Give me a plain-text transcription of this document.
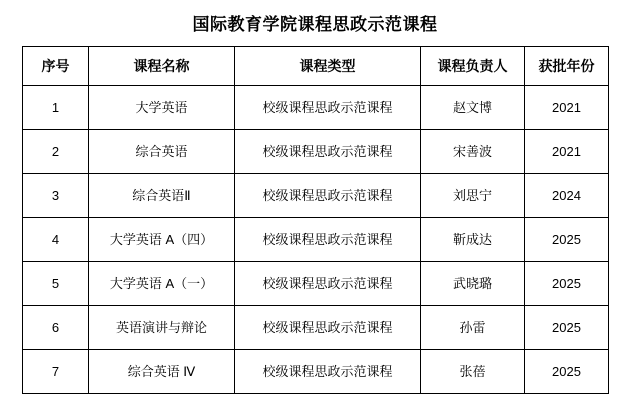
国际教育学院课程思政示范课程
序号	课程名称	课程类型	课程负责人	获批年份
1	大学英语	校级课程思政示范课程	赵文博	2021
2	综合英语	校级课程思政示范课程	宋善波	2021
3	综合英语Ⅱ	校级课程思政示范课程	刘思宁	2024
4	大学英语 A（四）	校级课程思政示范课程	靳成达	2025
5	大学英语 A（一）	校级课程思政示范课程	武晓璐	2025
6	英语演讲与辩论	校级课程思政示范课程	孙雷	2025
7	综合英语 Ⅳ	校级课程思政示范课程	张蓓	2025
